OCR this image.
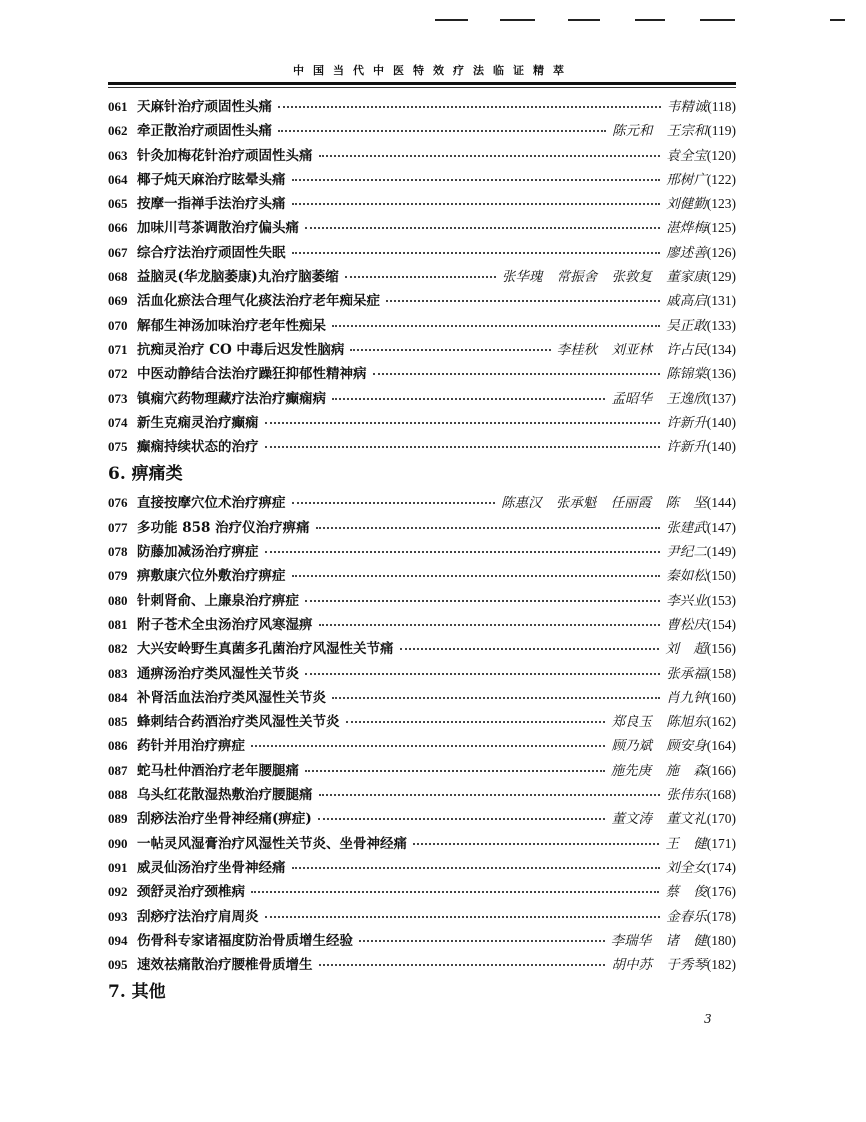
中国当代中医特效疗法临证精萃
061 天麻针治疗顽固性头痛	韦精诚 (118)
062 牵正散治疗顽固性头痛	陈元和 王宗和 (119)
063 针灸加梅花针治疗顽固性头痛	袁全宝 (120)
064 椰子炖天麻治疗眩晕头痛	邢树广 (122)
065 按摩一指禅手法治疗头痛	刘健勤 (123)
066 加味川芎茶调散治疗偏头痛	湛烨梅 (125)
067 综合疗法治疗顽固性失眠	廖述善 (126)
068 益脑灵(华龙脑萎康)丸治疗脑萎缩	张华瑰 常振舍 张敦复 董家康 (129)
069 活血化瘀法合理气化痰法治疗老年痴呆症	戚高启 (131)
070 解郁生神汤加味治疗老年性痴呆	吴正敢 (133)
071 抗痴灵治疗 CO 中毒后迟发性脑病	李桂秋 刘亚林 许占民 (134)
072 中医动静结合法治疗躁狂抑郁性精神病	陈锦棠 (136)
073 镇痫穴药物理藏疗法治疗癫痫病	孟昭华 王逸欣 (137)
074 新生克痫灵治疗癫痫	许新升 (140)
075 癫痫持续状态的治疗	许新升 (140)
6. 痹痛类
076 直接按摩穴位术治疗痹症	陈惠汉 张承魁 任丽霞 陈 坚 (144)
077 多功能 858 治疗仪治疗痹痛	张建武 (147)
078 防藤加减汤治疗痹症	尹纪二 (149)
079 痹敷康穴位外敷治疗痹症	秦如松 (150)
080 针刺肾俞、上廉泉治疗痹症	李兴业 (153)
081 附子苍术全虫汤治疗风寒湿痹	曹松庆 (154)
082 大兴安岭野生真菌多孔菌治疗风湿性关节痛	刘 超 (156)
083 通痹汤治疗类风湿性关节炎	张承福 (158)
084 补肾活血法治疗类风湿性关节炎	肖九钟 (160)
085 蜂刺结合药酒治疗类风湿性关节炎	郑良玉 陈旭东 (162)
086 药针并用治疗痹症	顾乃斌 顾安身 (164)
087 蛇马杜仲酒治疗老年腰腿痛	施先庚 施 森 (166)
088 乌头红花散湿热敷治疗腰腿痛	张伟东 (168)
089 刮痧法治疗坐骨神经痛(痹症)	董文涛 董文礼 (170)
090 一帖灵风湿膏治疗风湿性关节炎、坐骨神经痛	王 健 (171)
091 威灵仙汤治疗坐骨神经痛	刘全女 (174)
092 颈舒灵治疗颈椎病	蔡 俊 (176)
093 刮痧疗法治疗肩周炎	金春乐 (178)
094 伤骨科专家诸福度防治骨质增生经验	李瑞华 诸 健 (180)
095 速效祛痛散治疗腰椎骨质增生	胡中苏 于秀琴 (182)
7. 其他
3
